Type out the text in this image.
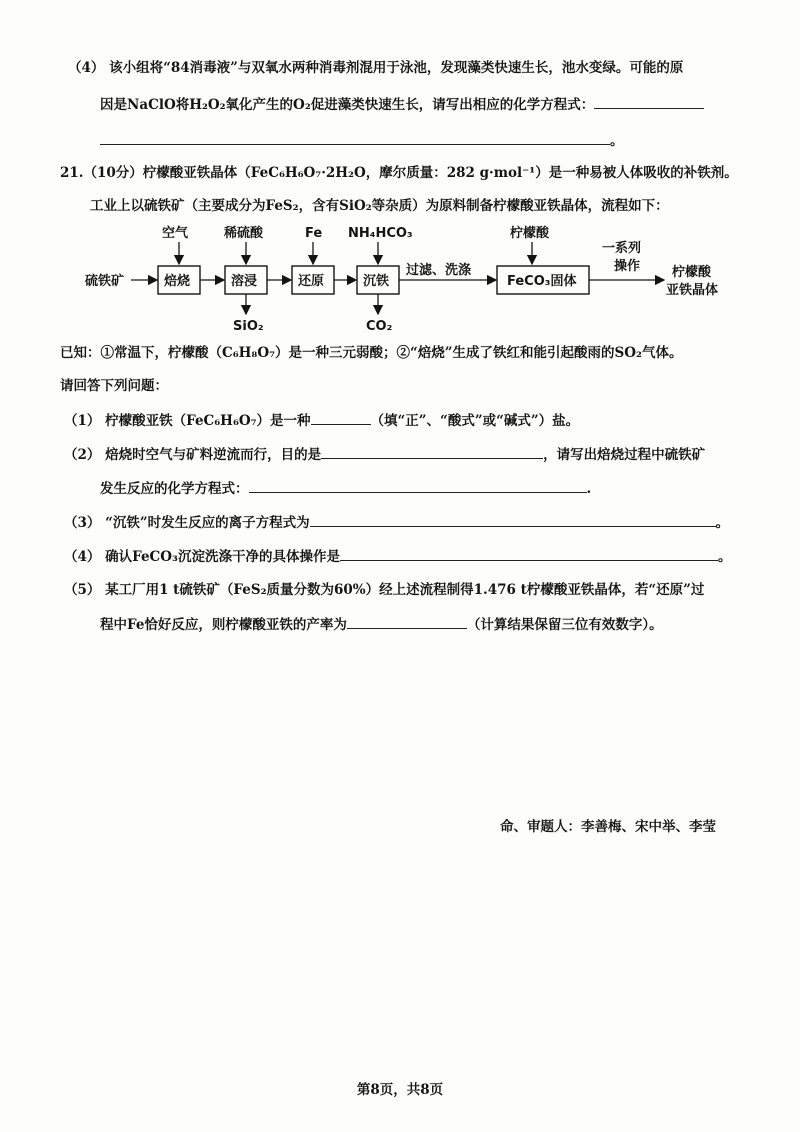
（4） 该小组将“84消毒液”与双氧水两种消毒剂混用于泳池，发现藻类快速生长，池水变绿。可能的原
因是NaClO将H₂O₂氧化产生的O₂促进藻类快速生长，请写出相应的化学方程式：
。
21.（10分）柠檬酸亚铁晶体（FeC₆H₆O₇·2H₂O，摩尔质量：282 g·mol⁻¹）是一种易被人体吸收的补铁剂。
工业上以硫铁矿（主要成分为FeS₂，含有SiO₂等杂质）为原料制备柠檬酸亚铁晶体，流程如下：
硫铁矿	焙烧	溶浸	还原	沉铁
过滤、洗涤
FeCO₃固体
一系列
操作 柠檬酸
亚铁晶体
空气	稀硫酸	Fe NH₄HCO₃	柠檬酸
SiO₂	CO₂
已知：①常温下，柠檬酸（C₆H₈O₇）是一种三元弱酸；②“焙烧”生成了铁红和能引起酸雨的SO₂气体。
请回答下列问题：
（1） 柠檬酸亚铁（FeC₆H₆O₇）是一种	（填“正”、“酸式”或“碱式”）盐。
（2） 焙烧时空气与矿料逆流而行，目的是	，请写出焙烧过程中硫铁矿
发生反应的化学方程式：	.
（3） “沉铁”时发生反应的离子方程式为	。
（4） 确认FeCO₃沉淀洗涤干净的具体操作是	。
（5） 某工厂用1 t硫铁矿（FeS₂质量分数为60%）经上述流程制得1.476 t柠檬酸亚铁晶体，若“还原”过
程中Fe恰好反应，则柠檬酸亚铁的产率为	（计算结果保留三位有效数字）。
命、审题人：李善梅、宋中举、李莹
第8页，共8页
